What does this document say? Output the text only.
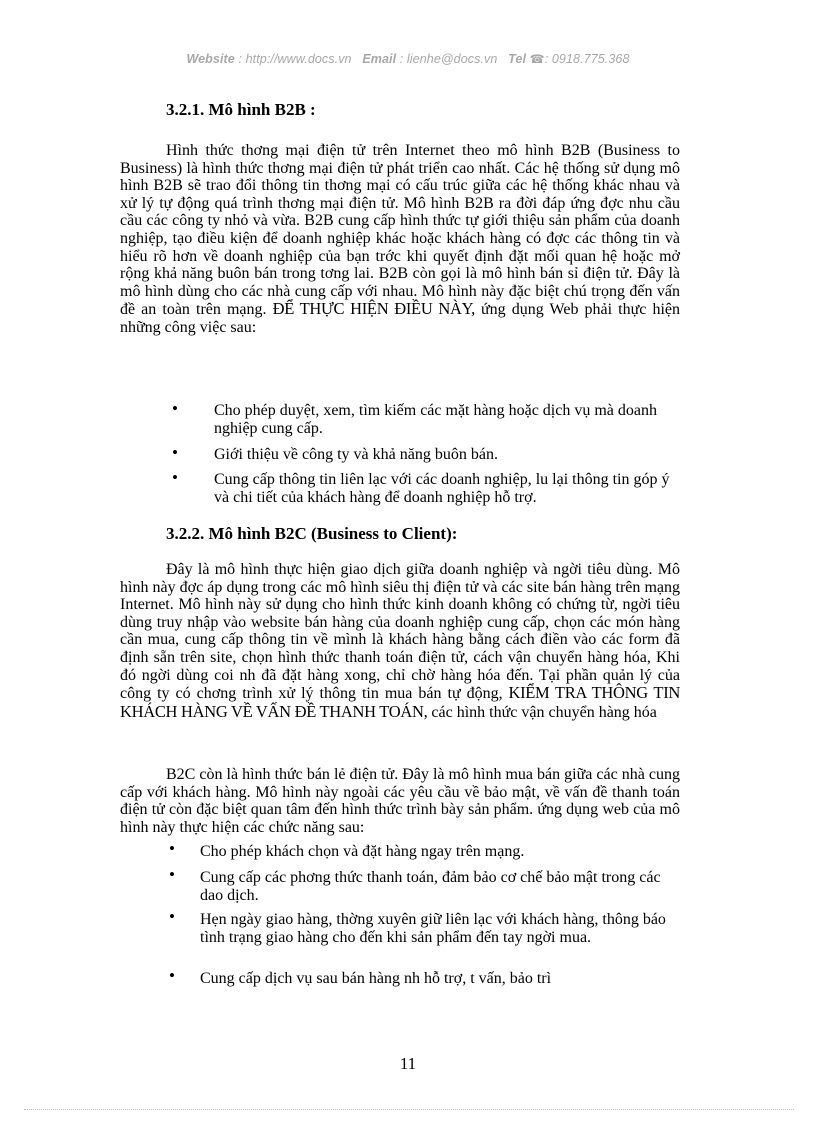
Website : http://www.docs.vn Email : lienhe@docs.vn Tel ☎: 0918.775.368
3.2.1. Mô hình B2B :
Hình thức thơng mại điện tử trên Internet theo mô hình B2B (Business to Business) là hình thức thơng mại điện tử phát triển cao nhất. Các hệ thống sử dụng mô hình B2B sẽ trao đổi thông tin thơng mại có cấu trúc giữa các hệ thống khác nhau và xử lý tự động quá trình thơng mại điện tử. Mô hình B2B ra đời đáp ứng đợc nhu cầu cầu các công ty nhỏ và vừa. B2B cung cấp hình thức tự giới thiệu sản phẩm của doanh nghiệp, tạo điều kiện để doanh nghiệp khác hoặc khách hàng có đợc các thông tin và hiểu rõ hơn về doanh nghiệp của bạn trớc khi quyết định đặt mối quan hệ hoặc mở rộng khả năng buôn bán trong tơng lai. B2B còn gọi là mô hình bán sỉ điện tử. Đây là mô hình dùng cho các nhà cung cấp với nhau. Mô hình này đặc biệt chú trọng đến vấn đề an toàn trên mạng. ĐỂ THỰC HIỆN ĐIỀU NÀY, ứng dụng Web phải thực hiện những công việc sau:
• Cho phép duyệt, xem, tìm kiếm các mặt hàng hoặc dịch vụ mà doanh nghiệp cung cấp.
• Giới thiệu về công ty và khả năng buôn bán.
• Cung cấp thông tin liên lạc với các doanh nghiệp, lu lại thông tin góp ý và chi tiết của khách hàng để doanh nghiệp hỗ trợ.
3.2.2. Mô hình B2C (Business to Client):
Đây là mô hình thực hiện giao dịch giữa doanh nghiệp và ngời tiêu dùng. Mô hình này đợc áp dụng trong các mô hình siêu thị điện tử và các site bán hàng trên mạng Internet. Mô hình này sử dụng cho hình thức kinh doanh không có chứng từ, ngời tiêu dùng truy nhập vào website bán hàng của doanh nghiệp cung cấp, chọn các món hàng cần mua, cung cấp thông tin về mình là khách hàng bằng cách điền vào các form đã định sẵn trên site, chọn hình thức thanh toán điện tử, cách vận chuyển hàng hóa, Khi đó ngời dùng coi nh đã đặt hàng xong, chỉ chờ hàng hóa đến. Tại phần quản lý của công ty có chơng trình xử lý thông tin mua bán tự động, KIỂM TRA THÔNG TIN KHÁCH HÀNG VỀ VẤN ĐỀ THANH TOÁN, các hình thức vận chuyển hàng hóa
B2C còn là hình thức bán lẻ điện tử. Đây là mô hình mua bán giữa các nhà cung cấp với khách hàng. Mô hình này ngoài các yêu cầu về bảo mật, về vấn đề thanh toán điện tử còn đặc biệt quan tâm đến hình thức trình bày sản phẩm. ứng dụng web của mô hình này thực hiện các chức năng sau:
• Cho phép khách chọn và đặt hàng ngay trên mạng.
• Cung cấp các phơng thức thanh toán, đảm bảo cơ chế bảo mật trong các dao dịch.
• Hẹn ngày giao hàng, thờng xuyên giữ liên lạc với khách hàng, thông báo tình trạng giao hàng cho đến khi sản phẩm đến tay ngời mua.
• Cung cấp dịch vụ sau bán hàng nh hỗ trợ, t vấn, bảo trì
11
